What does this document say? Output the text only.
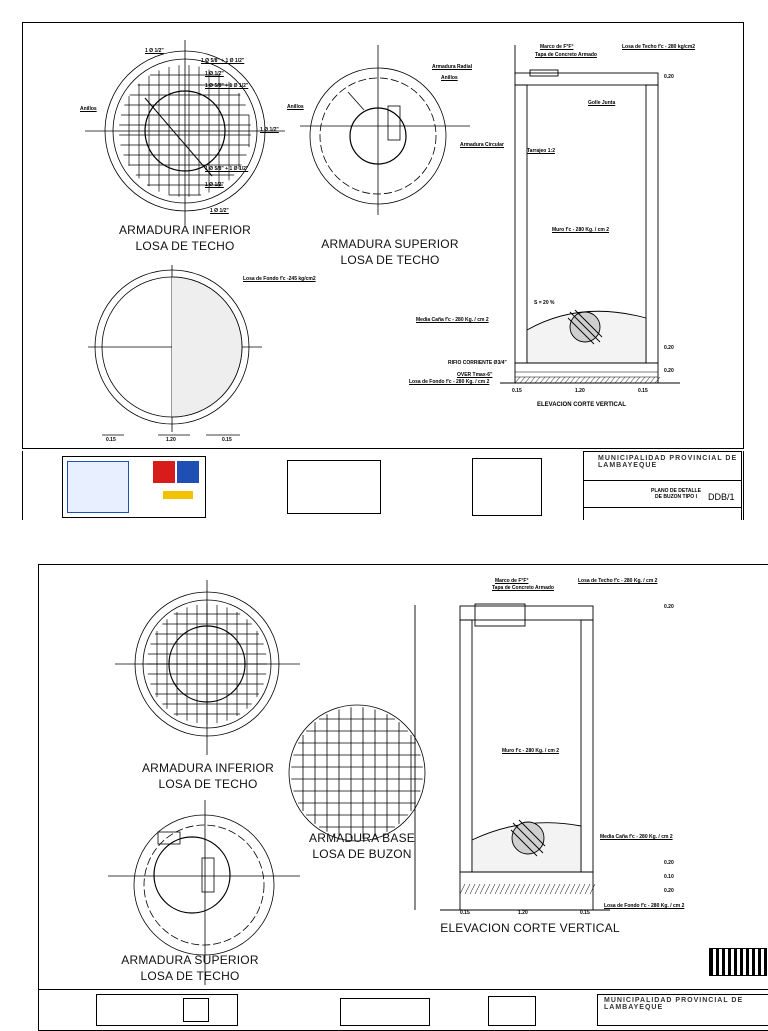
ARMADURA INFERIOR
LOSA DE TECHO	ARMADURA SUPERIOR
LOSA DE TECHO
ELEVACION CORTE VERTICAL
Marco de F°F°
Tapa de Concreto Armado
Losa de Techo f'c - 280 kg/cm2
Armadura Radial
Anillos
Golle Junta
Tarrajeo 1:2
Armadura Circular
Muro f'c - 280 Kg. / cm 2
Media Caña f'c - 280 Kg. / cm 2
RIFIO CORRIENTE Ø3/4"
OVER Tmax-6"
Losa de Fondo f'c - 280 Kg. / cm 2
Losa de Fondo f'c -245 kg/cm2
Anillos	Anillos
1 Ø 1/2"
1 Ø 5/8" + 1 Ø 1/2"
1 Ø 1/2"
1 Ø 5/8" + 1 Ø 1/2"
1 Ø 1/2"
1 Ø 5/8" + 1 Ø 1/2"
1 Ø 1/2"
1 Ø 1/2"
S = 20 %
0.20
0.20
0.20
0.15	1.20	0.15
0.15	1.20	0.15
MUNICIPALIDAD PROVINCIAL DE LAMBAYEQUE
PLANO DE DETALLE DE BUZON TIPO I	DDB/1
ARMADURA INFERIOR
LOSA DE TECHO
ARMADURA BASE
LOSA DE BUZON
ARMADURA SUPERIOR
LOSA DE TECHO
ELEVACION CORTE VERTICAL
Marco de F°F°
Tapa de Concreto Armado
Losa de Techo f'c - 280 Kg. / cm 2
Muro f'c - 280 Kg. / cm 2
Media Caña f'c - 280 Kg. / cm 2
Losa de Fondo f'c - 280 Kg. / cm 2
0.15	1.20	0.15
0.20
0.20
0.10
0.20
MUNICIPALIDAD PROVINCIAL DE LAMBAYEQUE
